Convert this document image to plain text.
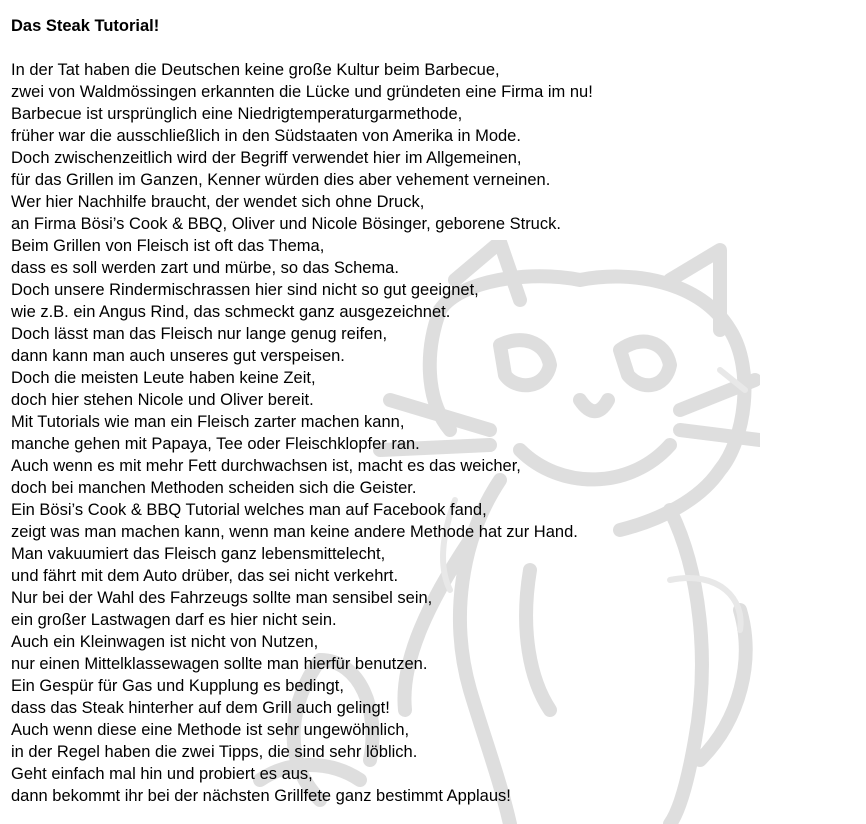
Das Steak Tutorial!
In der Tat haben die Deutschen keine große Kultur beim Barbecue,
zwei von Waldmössingen erkannten die Lücke und gründeten eine Firma im nu!
Barbecue ist ursprünglich eine Niedrigtemperaturgarmethode,
früher war die ausschließlich in den Südstaaten von Amerika in Mode.
Doch zwischenzeitlich wird der Begriff verwendet hier im Allgemeinen,
für das Grillen im Ganzen, Kenner würden dies aber vehement verneinen.
Wer hier Nachhilfe braucht, der wendet sich ohne Druck,
an Firma Bösi’s Cook & BBQ, Oliver und Nicole Bösinger, geborene Struck.
Beim Grillen von Fleisch ist oft das Thema,
dass es soll werden zart und mürbe, so das Schema.
Doch unsere Rindermischrassen hier sind nicht so gut geeignet,
wie z.B. ein Angus Rind, das schmeckt ganz ausgezeichnet.
Doch lässt man das Fleisch nur lange genug reifen,
dann kann man auch unseres gut verspeisen.
Doch die meisten Leute haben keine Zeit,
doch hier stehen Nicole und Oliver bereit.
Mit Tutorials wie man ein Fleisch zarter machen kann,
manche gehen mit Papaya, Tee oder Fleischklopfer ran.
Auch wenn es mit mehr Fett durchwachsen ist, macht es das weicher,
doch bei manchen Methoden scheiden sich die Geister.
Ein Bösi’s Cook & BBQ Tutorial welches man auf Facebook fand,
zeigt was man machen kann, wenn man keine andere Methode hat zur Hand.
Man vakuumiert das Fleisch ganz lebensmittelecht,
und fährt mit dem Auto drüber, das sei nicht verkehrt.
Nur bei der Wahl des Fahrzeugs sollte man sensibel sein,
ein großer Lastwagen darf es hier nicht sein.
Auch ein Kleinwagen ist nicht von Nutzen,
nur einen Mittelklassewagen sollte man hierfür benutzen.
Ein Gespür für Gas und Kupplung es bedingt,
dass das Steak hinterher auf dem Grill auch gelingt!
Auch wenn diese eine Methode ist sehr ungewöhnlich,
in der Regel haben die zwei Tipps, die sind sehr löblich.
Geht einfach mal hin und probiert es aus,
dann bekommt ihr bei der nächsten Grillfete ganz bestimmt Applaus!
